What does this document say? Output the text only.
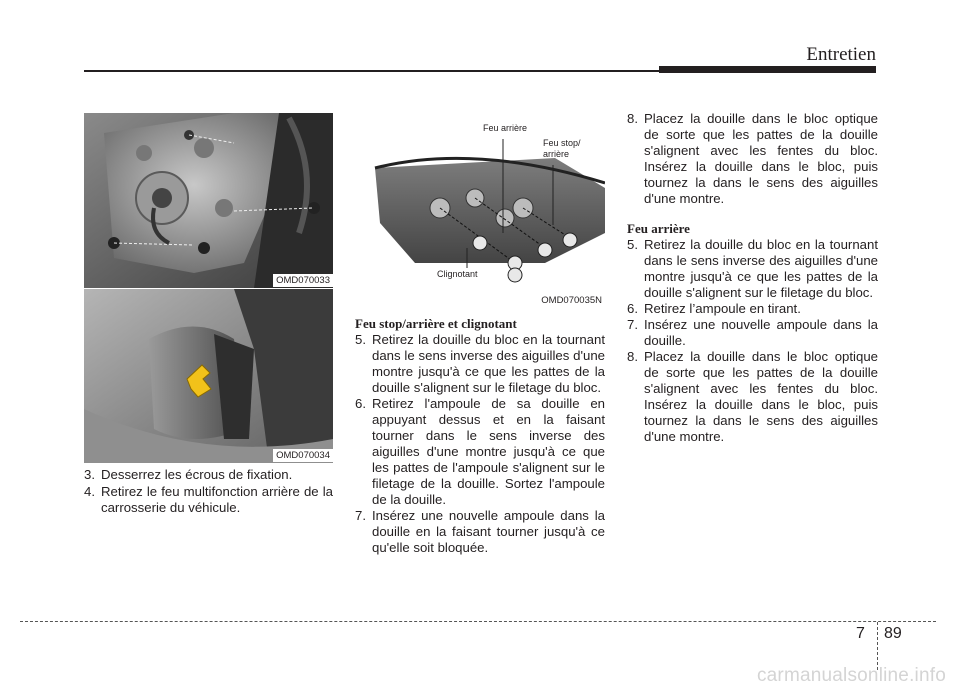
Entretien
OMD070033
OMD070034
Feu arrière
Feu stop/
arrière
Clignotant
OMD070035N
3. Desserrez les écrous de fixation.
4. Retirez le feu multifonction arrière de la carrosserie du véhicule.

Feu stop/arrière et clignotant

5. Retirez la douille du bloc en la tournant dans le sens inverse des aiguilles d'une montre jusqu'à ce que les pattes de la douille s'alignent sur le filetage du bloc.
6. Retirez l'ampoule de sa douille en appuyant dessus et en la faisant tourner dans le sens inverse des aiguilles d'une montre jusqu'à ce que les pattes de l'ampoule s'alignent sur le filetage de la douille. Sortez l'ampoule de la douille.
7. Insérez une nouvelle ampoule dans la douille en la faisant tourner jusqu'à ce qu'elle soit bloquée.
8. Placez la douille dans le bloc optique de sorte que les pattes de la douille s'alignent avec les fentes du bloc. Insérez la douille dans le bloc, puis tournez la dans le sens des aiguilles d'une montre.

Feu arrière

5. Retirez la douille du bloc en la tournant dans le sens inverse des aiguilles d'une montre jusqu'à ce que les pattes de la douille s'alignent sur le filetage du bloc.
6. Retirez l’ampoule en tirant.
7. Insérez une nouvelle ampoule dans la douille.
8. Placez la douille dans le bloc optique de sorte que les pattes de la douille s'alignent avec les fentes du bloc. Insérez la douille dans le bloc, puis tournez la dans le sens des aiguilles d'une montre.
7 89
carmanualsonline.info
